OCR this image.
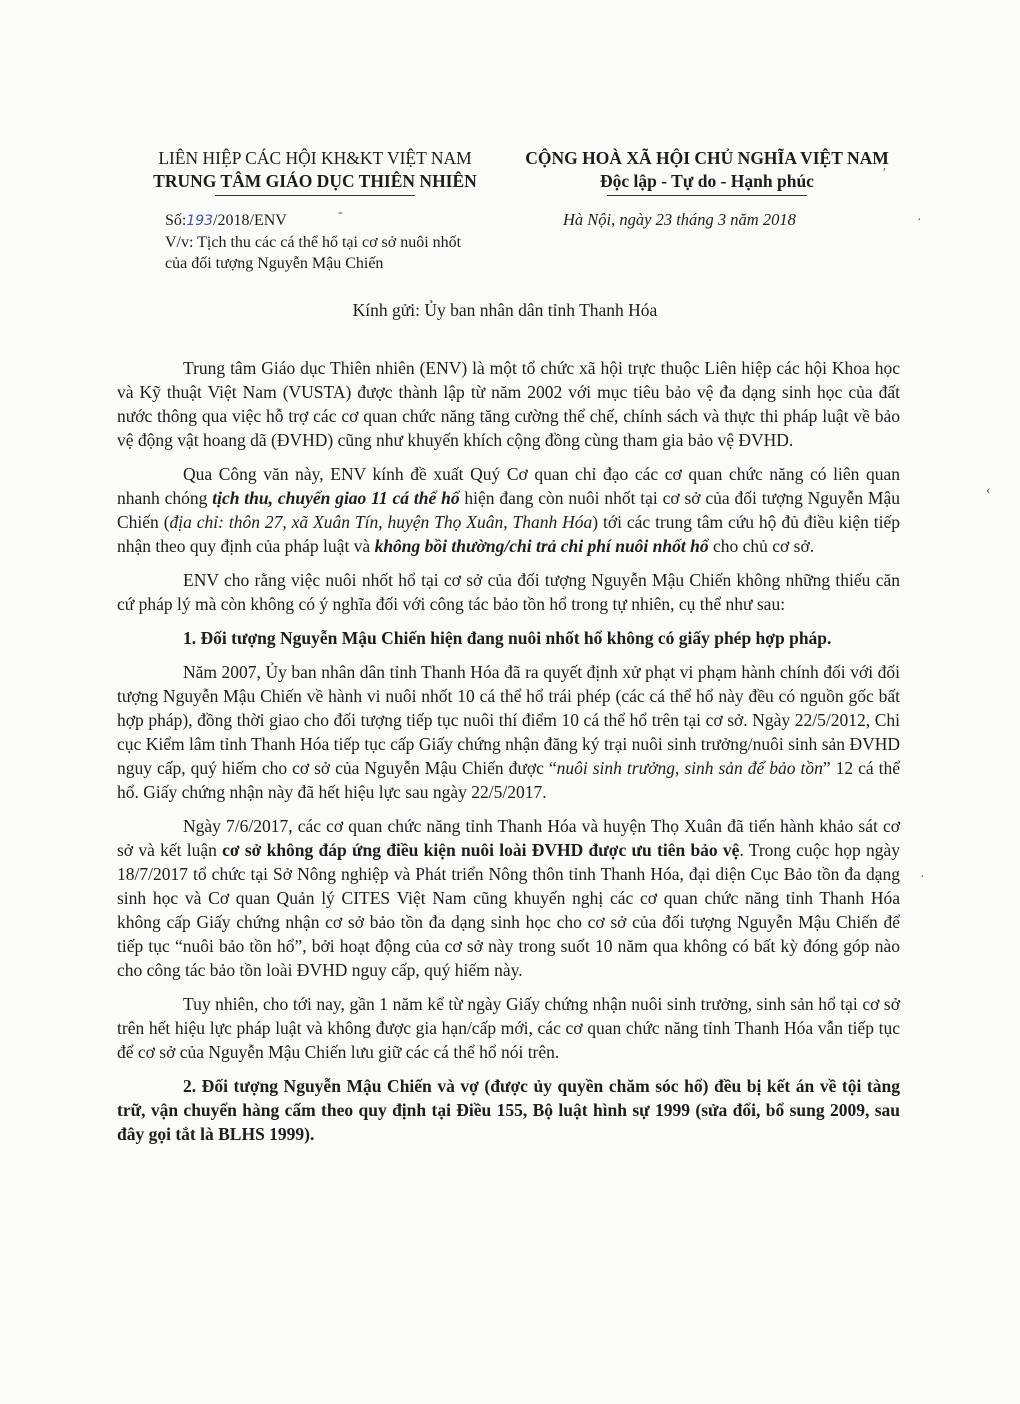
LIÊN HIỆP CÁC HỘI KH&KT VIỆT NAM
TRUNG TÂM GIÁO DỤC THIÊN NHIÊN
CỘNG HOÀ XÃ HỘI CHỦ NGHĨA VIỆT NAM
Độc lập - Tự do - Hạnh phúc
Số:193/2018/ENV
V/v: Tịch thu các cá thể hổ tại cơ sở nuôi nhốt
của đối tượng Nguyễn Mậu Chiến
Hà Nội, ngày 23 tháng 3 năm 2018
Kính gửi: Ủy ban nhân dân tỉnh Thanh Hóa

Trung tâm Giáo dục Thiên nhiên (ENV) là một tổ chức xã hội trực thuộc Liên hiệp các hội Khoa học và Kỹ thuật Việt Nam (VUSTA) được thành lập từ năm 2002 với mục tiêu bảo vệ đa dạng sinh học của đất nước thông qua việc hỗ trợ các cơ quan chức năng tăng cường thể chế, chính sách và thực thi pháp luật về bảo vệ động vật hoang dã (ĐVHD) cũng như khuyến khích cộng đồng cùng tham gia bảo vệ ĐVHD.

Qua Công văn này, ENV kính đề xuất Quý Cơ quan chỉ đạo các cơ quan chức năng có liên quan nhanh chóng tịch thu, chuyển giao 11 cá thể hổ hiện đang còn nuôi nhốt tại cơ sở của đối tượng Nguyễn Mậu Chiến (địa chỉ: thôn 27, xã Xuân Tín, huyện Thọ Xuân, Thanh Hóa) tới các trung tâm cứu hộ đủ điều kiện tiếp nhận theo quy định của pháp luật và không bồi thường/chi trả chi phí nuôi nhốt hổ cho chủ cơ sở.

ENV cho rằng việc nuôi nhốt hổ tại cơ sở của đối tượng Nguyễn Mậu Chiến không những thiếu căn cứ pháp lý mà còn không có ý nghĩa đối với công tác bảo tồn hổ trong tự nhiên, cụ thể như sau:

1. Đối tượng Nguyễn Mậu Chiến hiện đang nuôi nhốt hổ không có giấy phép hợp pháp.

Năm 2007, Ủy ban nhân dân tỉnh Thanh Hóa đã ra quyết định xử phạt vi phạm hành chính đối với đối tượng Nguyễn Mậu Chiến về hành vi nuôi nhốt 10 cá thể hổ trái phép (các cá thể hổ này đều có nguồn gốc bất hợp pháp), đồng thời giao cho đối tượng tiếp tục nuôi thí điểm 10 cá thể hổ trên tại cơ sở. Ngày 22/5/2012, Chi cục Kiểm lâm tỉnh Thanh Hóa tiếp tục cấp Giấy chứng nhận đăng ký trại nuôi sinh trưởng/nuôi sinh sản ĐVHD nguy cấp, quý hiếm cho cơ sở của Nguyễn Mậu Chiến được “nuôi sinh trưởng, sinh sản để bảo tồn” 12 cá thể hổ. Giấy chứng nhận này đã hết hiệu lực sau ngày 22/5/2017.

Ngày 7/6/2017, các cơ quan chức năng tỉnh Thanh Hóa và huyện Thọ Xuân đã tiến hành khảo sát cơ sở và kết luận cơ sở không đáp ứng điều kiện nuôi loài ĐVHD được ưu tiên bảo vệ. Trong cuộc họp ngày 18/7/2017 tổ chức tại Sở Nông nghiệp và Phát triển Nông thôn tỉnh Thanh Hóa, đại diện Cục Bảo tồn đa dạng sinh học và Cơ quan Quản lý CITES Việt Nam cũng khuyến nghị các cơ quan chức năng tỉnh Thanh Hóa không cấp Giấy chứng nhận cơ sở bảo tồn đa dạng sinh học cho cơ sở của đối tượng Nguyễn Mậu Chiến để tiếp tục “nuôi bảo tồn hổ”, bởi hoạt động của cơ sở này trong suốt 10 năm qua không có bất kỳ đóng góp nào cho công tác bảo tồn loài ĐVHD nguy cấp, quý hiếm này.

Tuy nhiên, cho tới nay, gần 1 năm kể từ ngày Giấy chứng nhận nuôi sinh trưởng, sinh sản hổ tại cơ sở trên hết hiệu lực pháp luật và không được gia hạn/cấp mới, các cơ quan chức năng tỉnh Thanh Hóa vẫn tiếp tục để cơ sở của Nguyễn Mậu Chiến lưu giữ các cá thể hổ nói trên.

2. Đối tượng Nguyễn Mậu Chiến và vợ (được ủy quyền chăm sóc hổ) đều bị kết án về tội tàng trữ, vận chuyển hàng cấm theo quy định tại Điều 155, Bộ luật hình sự 1999 (sửa đổi, bổ sung 2009, sau đây gọi tắt là BLHS 1999).

′
-
·
‹
·
